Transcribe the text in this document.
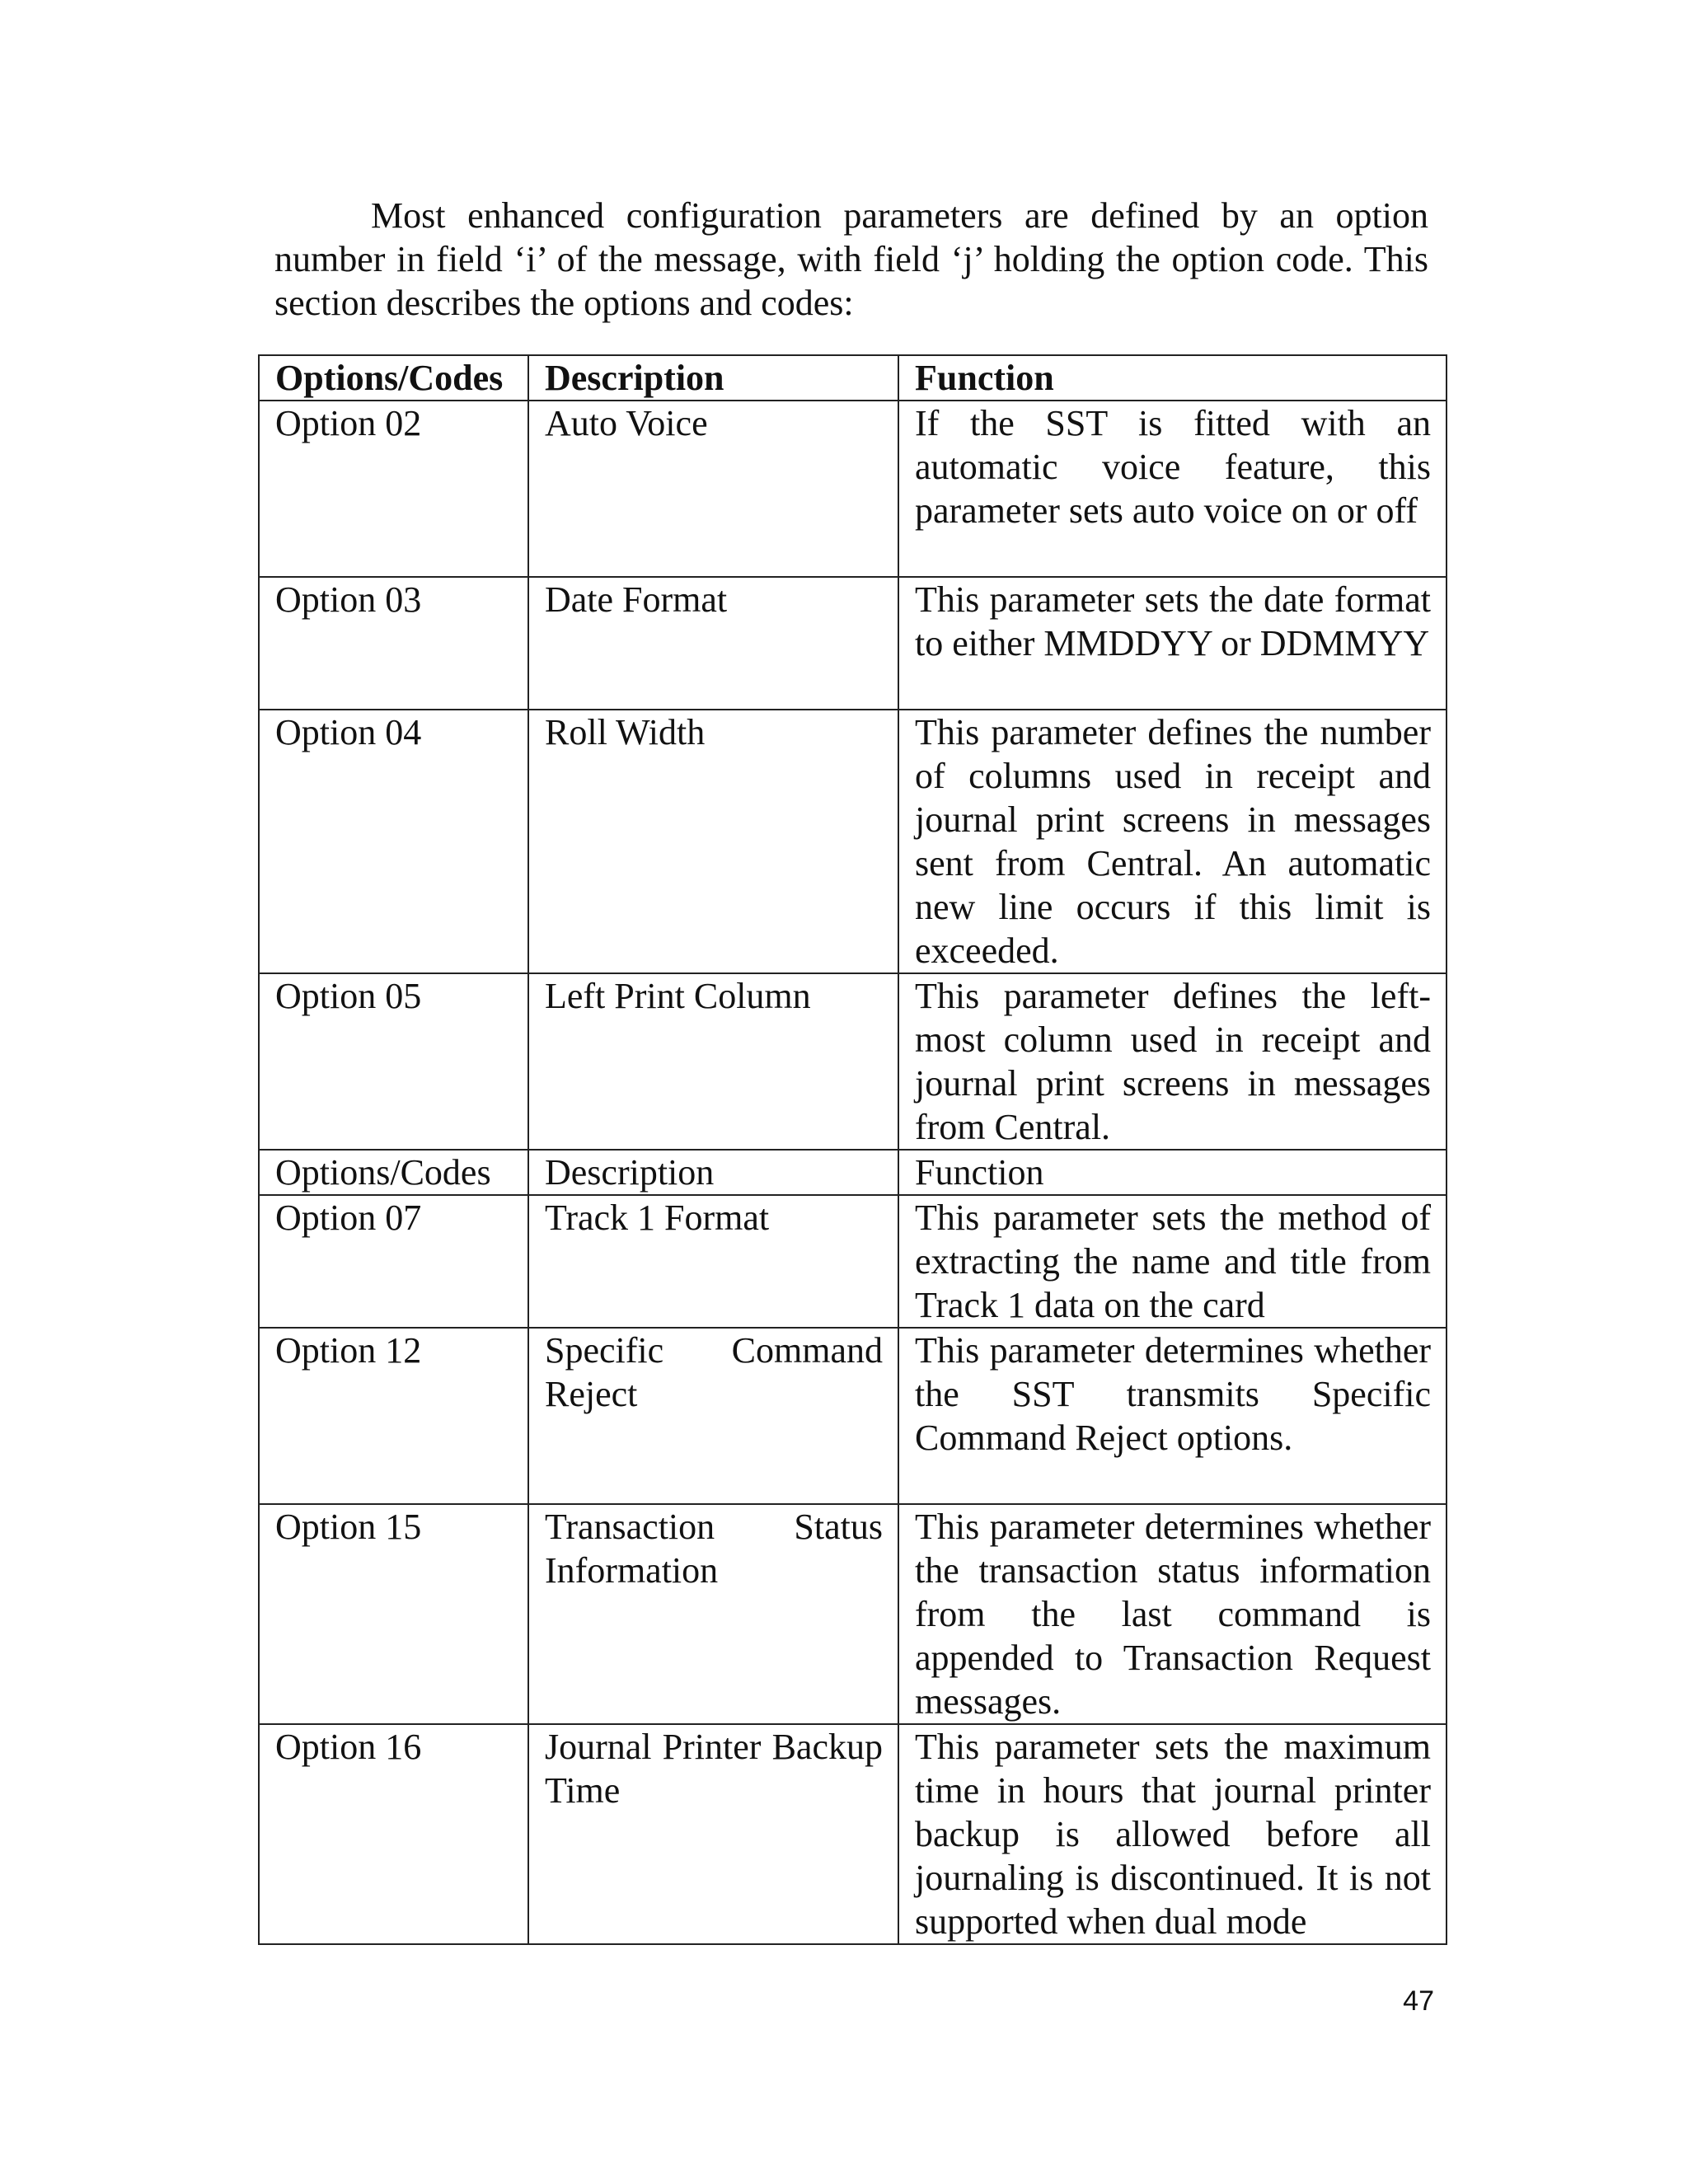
Most enhanced configuration parameters are defined by an option number in field ‘i’ of the message, with field ‘j’ holding the option code. This section describes the options and codes:

Options/Codes	Description	Function
Option 02	Auto Voice	If the SST is fitted with an automatic voice feature, this parameter sets auto voice on or off
Option 03	Date Format	This parameter sets the date format to either MMDDYY or DDMMYY
Option 04	Roll Width	This parameter defines the number of columns used in receipt and journal print screens in messages sent from Central. An automatic new line occurs if this limit is exceeded.
Option 05	Left Print Column	This parameter defines the left-most column used in receipt and journal print screens in messages from Central.
Options/Codes	Description	Function
Option 07	Track 1 Format	This parameter sets the method of extracting the name and title from Track 1 data on the card
Option 12	Specific Command Reject	This parameter determines whether the SST transmits Specific Command Reject options.
Option 15	Transaction Status Information	This parameter determines whether the transaction status information from the last command is appended to Transaction Request messages.
Option 16	Journal Printer Backup Time	This parameter sets the maximum time in hours that journal printer backup is allowed before all journaling is discontinued. It is not supported when dual mode
47
